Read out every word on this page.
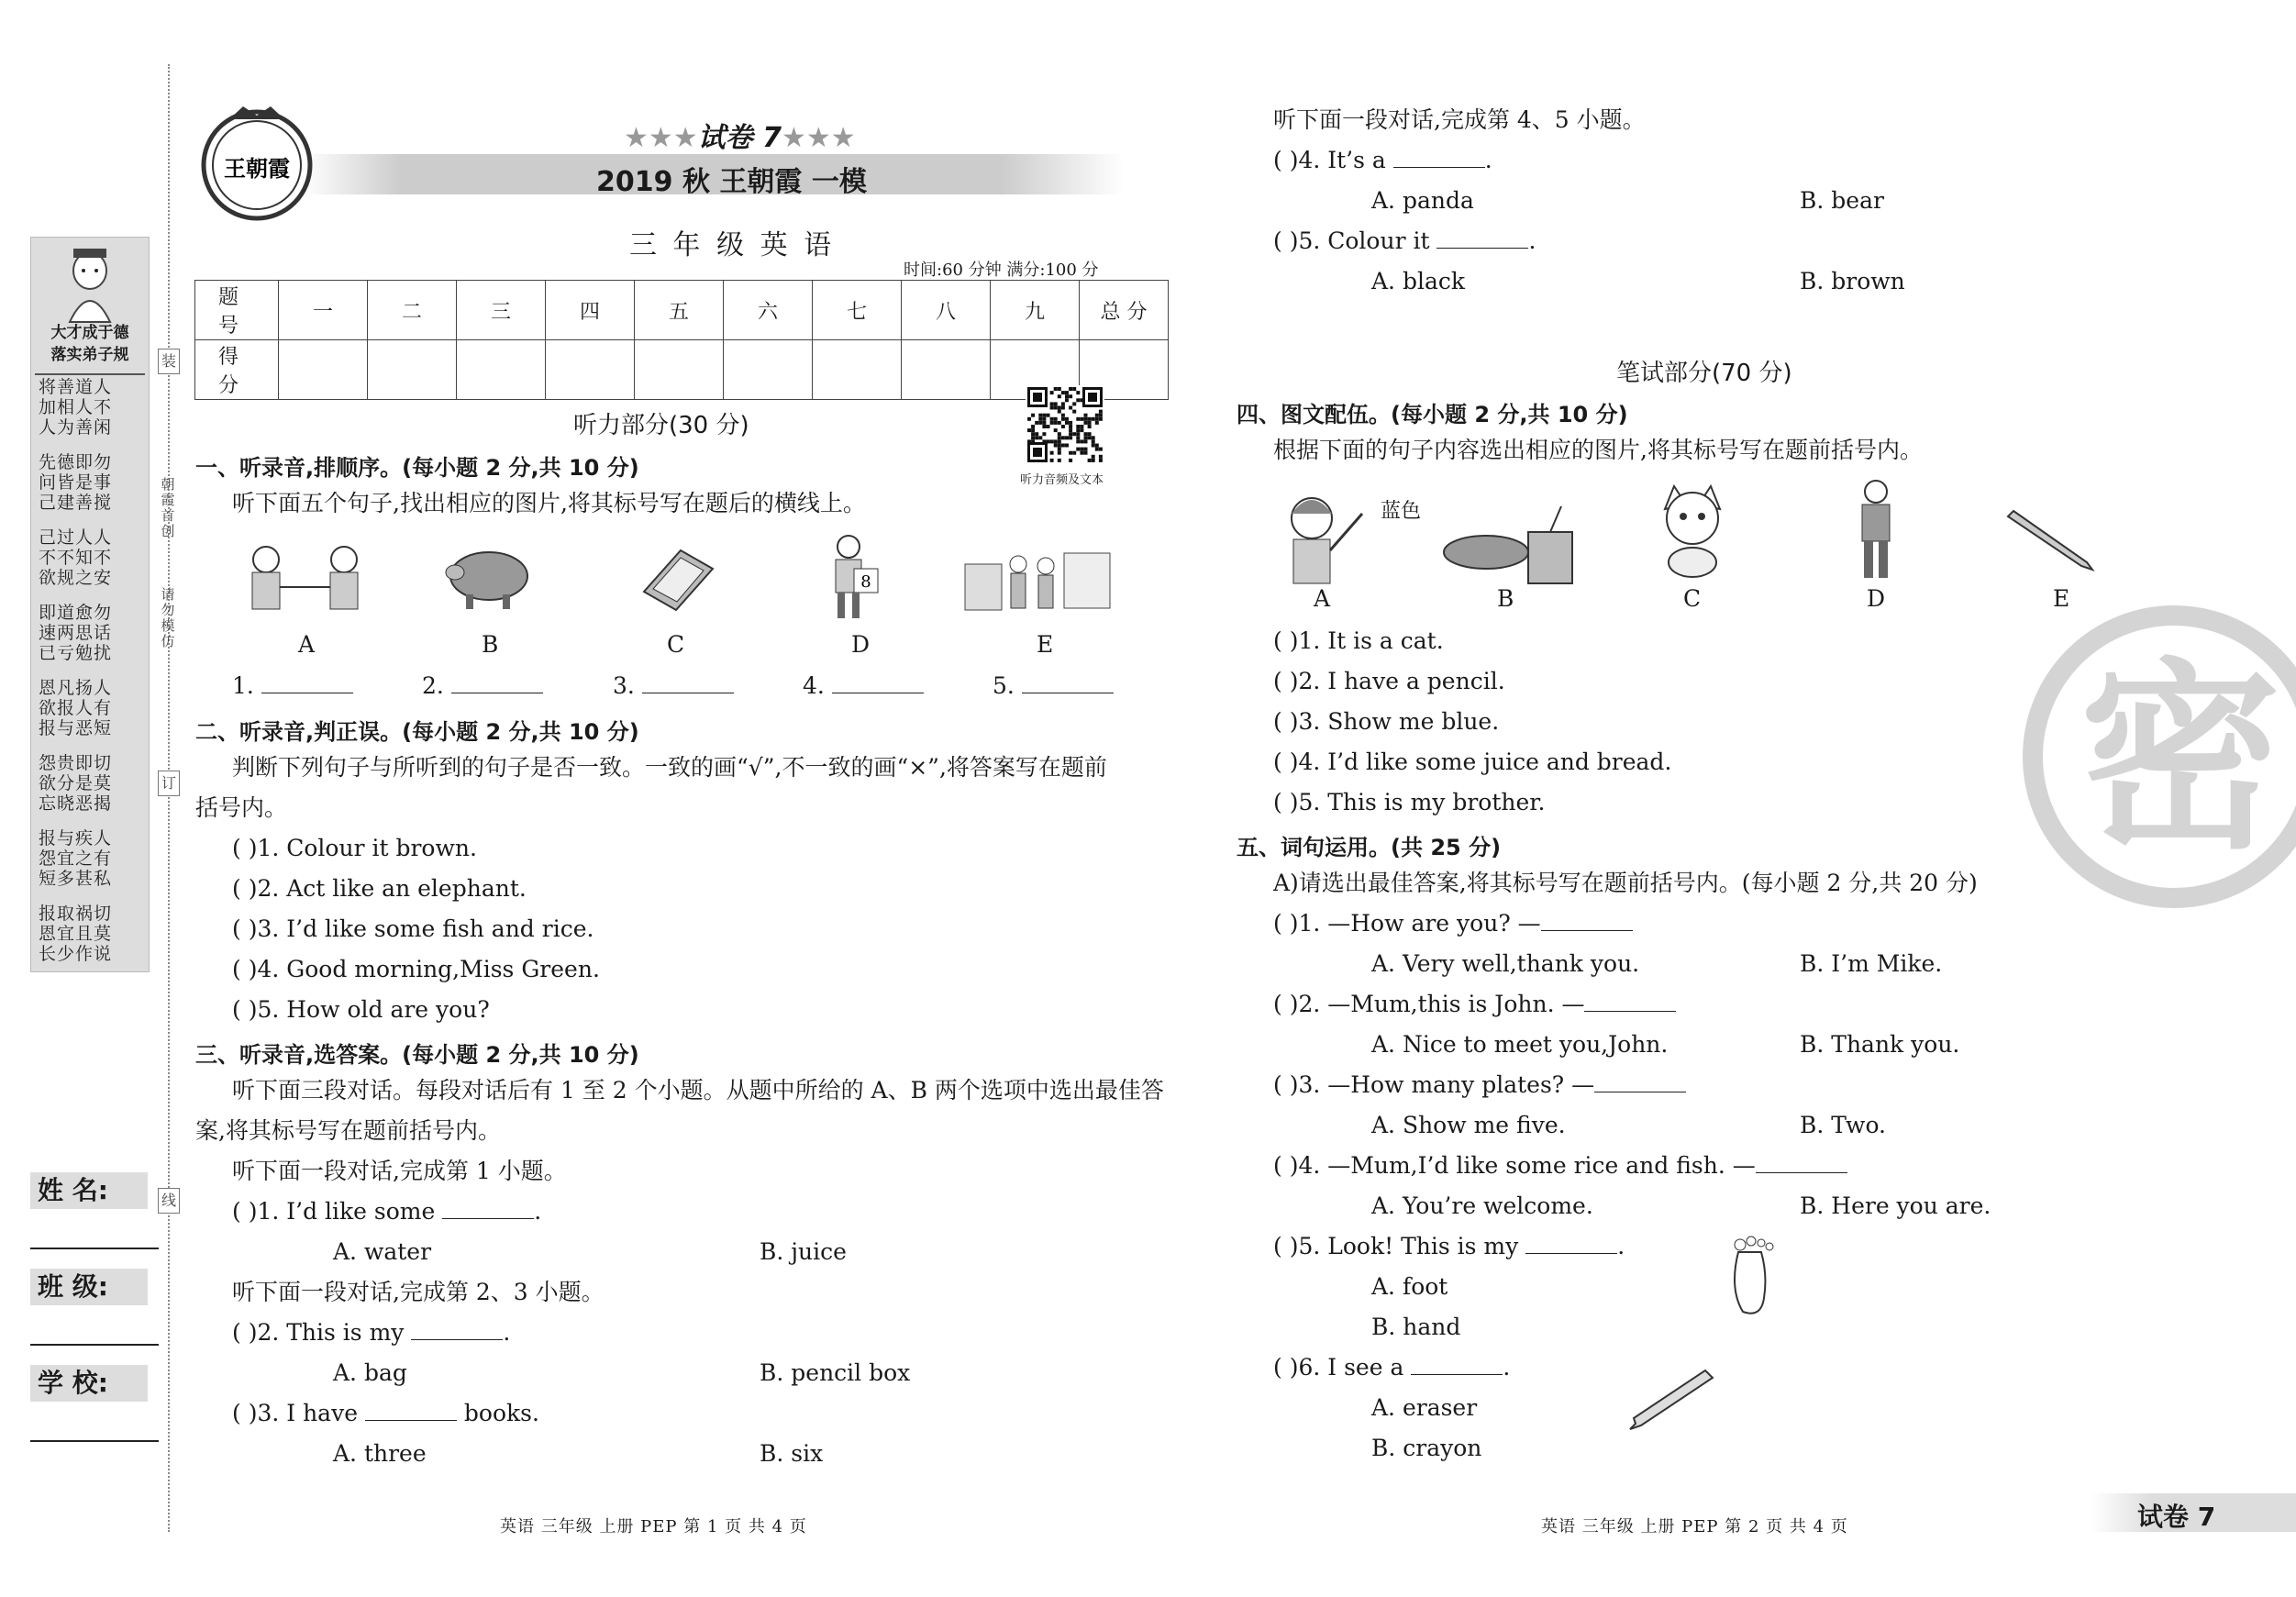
大才成于德
落实弟子规
将善道人
加相人不
人为善闲
先德即勿
问皆是事
己建善搅
己过人人
不不知不
欲规之安
即道愈勿
速两思话
已亏勉扰
恩凡扬人
欲报人有
报与恶短
怨贵即切
欲分是莫
忘晓恶揭
报与疾人
怨宜之有
短多甚私
报取祸切
恩宜且莫
长少作说
装
朝霞首创
请勿模仿
订
线
姓 名:
班 级:
学 校:
王朝霞
★★★试卷 7★★★
2019 秋 王朝霞 一模
三 年 级 英 语
时间:60 分钟 满分:100 分
题 号	一	二	三	四	五	六	七	八	九	总 分
得 分										
听力音频及文本
听力部分(30 分)
一、听录音,排顺序。(每小题 2 分,共 10 分)
听下面五个句子,找出相应的图片,将其标号写在题后的横线上。
8
A	B	C	D	E
1.	2.	3.	4.	5.
二、听录音,判正误。(每小题 2 分,共 10 分)
判断下列句子与所听到的句子是否一致。一致的画“√”,不一致的画“×”,将答案写在题前
括号内。
( )1. Colour it brown.
( )2. Act like an elephant.
( )3. I’d like some fish and rice.
( )4. Good morning,Miss Green.
( )5. How old are you?
三、听录音,选答案。(每小题 2 分,共 10 分)
听下面三段对话。每段对话后有 1 至 2 个小题。从题中所给的 A、B 两个选项中选出最佳答
案,将其标号写在题前括号内。
听下面一段对话,完成第 1 小题。
( )1. I’d like some	.
A. water	B. juice
听下面一段对话,完成第 2、3 小题。
( )2. This is my	.
A. bag	B. pencil box
( )3. I have	books.
A. three	B. six
英语 三年级 上册 PEP 第 1 页 共 4 页
听下面一段对话,完成第 4、5 小题。
( )4. It’s a	.
A. panda	B. bear
( )5. Colour it	.
A. black	B. brown
笔试部分(70 分)
四、图文配伍。(每小题 2 分,共 10 分)
根据下面的句子内容选出相应的图片,将其标号写在题前括号内。
蓝色
A	B	C	D	E
( )1. It is a cat.
( )2. I have a pencil.
( )3. Show me blue.
( )4. I’d like some juice and bread.
( )5. This is my brother.
五、词句运用。(共 25 分)
A)请选出最佳答案,将其标号写在题前括号内。(每小题 2 分,共 20 分)
( )1. —How are you? —
A. Very well,thank you.	B. I’m Mike.
( )2. —Mum,this is John. —
A. Nice to meet you,John.	B. Thank you.
( )3. —How many plates? —
A. Show me five.	B. Two.
( )4. —Mum,I’d like some rice and fish. —
A. You’re welcome.	B. Here you are.
( )5. Look! This is my	.
A. foot
B. hand
( )6. I see a	.
A. eraser
B. crayon
密
英语 三年级 上册 PEP 第 2 页 共 4 页	试卷 7
